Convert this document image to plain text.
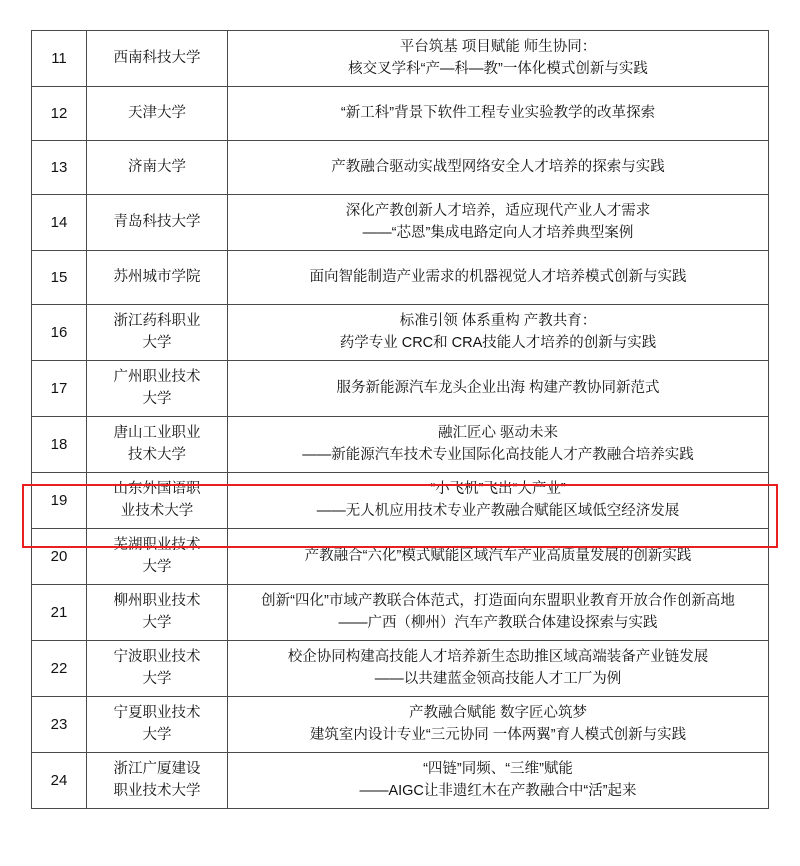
11	西南科技大学	平台筑基 项目赋能 师生协同：
核交叉学科“产—科—教”一体化模式创新与实践

12	天津大学	“新工科”背景下软件工程专业实验教学的改革探索

13	济南大学	产教融合驱动实战型网络安全人才培养的探索与实践

14	青岛科技大学	深化产教创新人才培养，适应现代产业人才需求
——“芯恩”集成电路定向人才培养典型案例

15	苏州城市学院	面向智能制造产业需求的机器视觉人才培养模式创新与实践

16	浙江药科职业
大学	标准引领 体系重构 产教共育：
药学专业 CRC和 CRA技能人才培养的创新与实践

17	广州职业技术
大学	服务新能源汽车龙头企业出海 构建产教协同新范式

18	唐山工业职业
技术大学	融汇匠心 驱动未来
——新能源汽车技术专业国际化高技能人才产教融合培养实践

19	山东外国语职
业技术大学	“小飞机”飞出“大产业”
——无人机应用技术专业产教融合赋能区域低空经济发展

20	芜湖职业技术
大学	产教融合“六化”模式赋能区域汽车产业高质量发展的创新实践

21	柳州职业技术
大学	创新“四化”市域产教联合体范式，打造面向东盟职业教育开放合作创新高地
——广西（柳州）汽车产教联合体建设探索与实践

22	宁波职业技术
大学	校企协同构建高技能人才培养新生态助推区域高端装备产业链发展
——以共建蓝金领高技能人才工厂为例

23	宁夏职业技术
大学	产教融合赋能 数字匠心筑梦
建筑室内设计专业“三元协同 一体两翼”育人模式创新与实践

24	浙江广厦建设
职业技术大学	“四链”同频、“三维”赋能
——AIGC让非遗红木在产教融合中“活”起来
